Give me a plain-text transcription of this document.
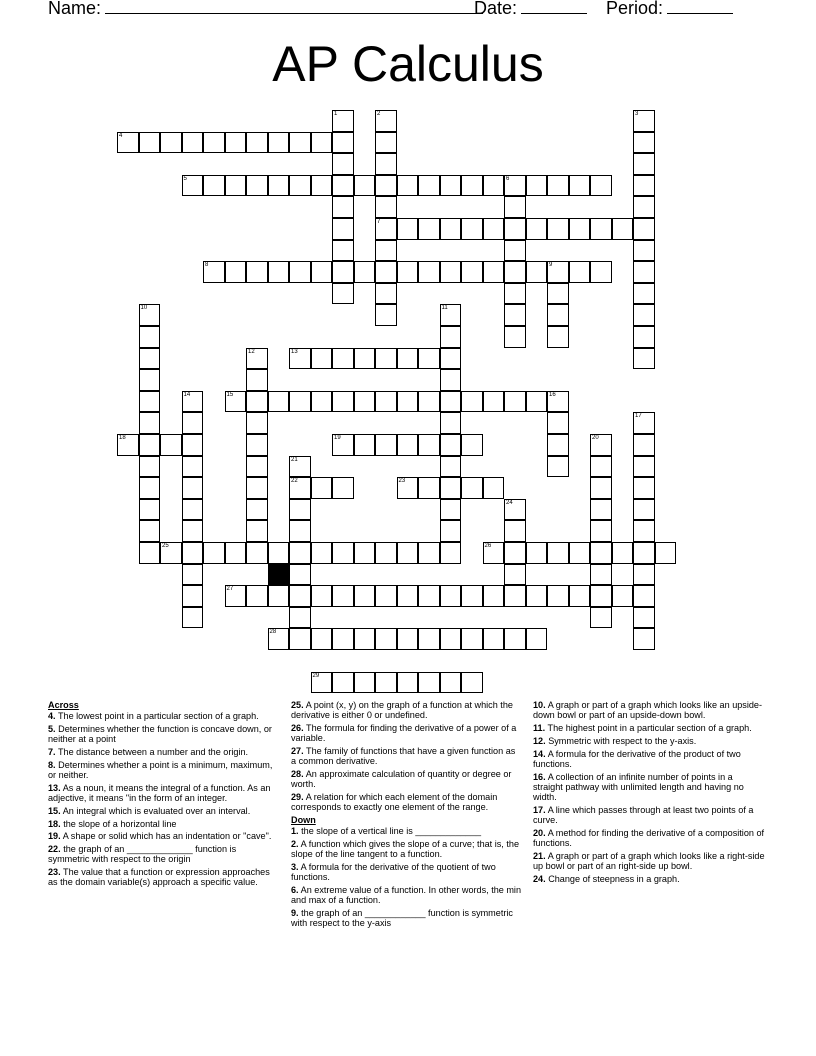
Name:	Date:	Period:
AP Calculus
1	2
7
3
4
5	6
8	9
10	11
12	13
14	15	16
17
18	19	20
21
22	23
24
25	26
27
28
29
Across
4. The lowest point in a particular section of a graph.
5. Determines whether the function is concave down, or neither at a point
7. The distance between a number and the origin.
8. Determines whether a point is a minimum, maximum, or neither.
13. As a noun, it means the integral of a function. As an adjective, it means "in the form of an integer.
15. An integral which is evaluated over an interval.
18. the slope of a horizontal line
19. A shape or solid which has an indentation or "cave".
22. the graph of an _____________ function is symmetric with respect to the origin
23. The value that a function or expression approaches as the domain variable(s) approach a specific value.
25. A point (x, y) on the graph of a function at which the derivative is either 0 or undefined.
26. The formula for finding the derivative of a power of a variable.
27. The family of functions that have a given function as a common derivative.
28. An approximate calculation of quantity or degree or worth.
29. A relation for which each element of the domain corresponds to exactly one element of the range.
Down
1. the slope of a vertical line is _____________
2. A function which gives the slope of a curve; that is, the slope of the line tangent to a function.
3. A formula for the derivative of the quotient of two functions.
6. An extreme value of a function. In other words, the min and max of a function.
9. the graph of an ____________ function is symmetric with respect to the y-axis
10. A graph or part of a graph which looks like an upside-down bowl or part of an upside-down bowl.
11. The highest point in a particular section of a graph.
12. Symmetric with respect to the y-axis.
14. A formula for the derivative of the product of two functions.
16. A collection of an infinite number of points in a straight pathway with unlimited length and having no width.
17. A line which passes through at least two points of a curve.
20. A method for finding the derivative of a composition of functions.
21. A graph or part of a graph which looks like a right-side up bowl or part of an right-side up bowl.
24. Change of steepness in a graph.
